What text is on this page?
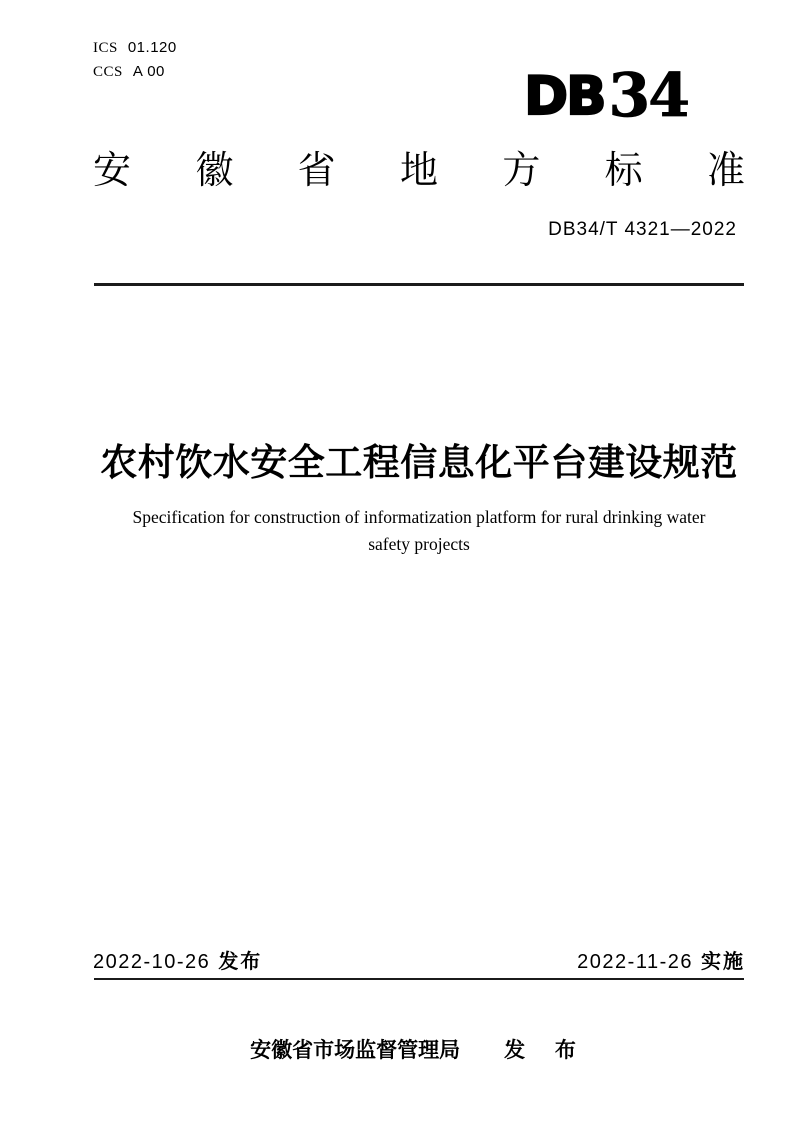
ICS 01.120
CCS A 00	DB 34
安 徽 省 地 方 标 准
DB34/T 4321—2022
农村饮水安全工程信息化平台建设规范
Specification for construction of informatization platform for rural drinking water
safety projects
2022-10-26 发布	2022-11-26 实施
安徽省市场监督管理局 发 布
